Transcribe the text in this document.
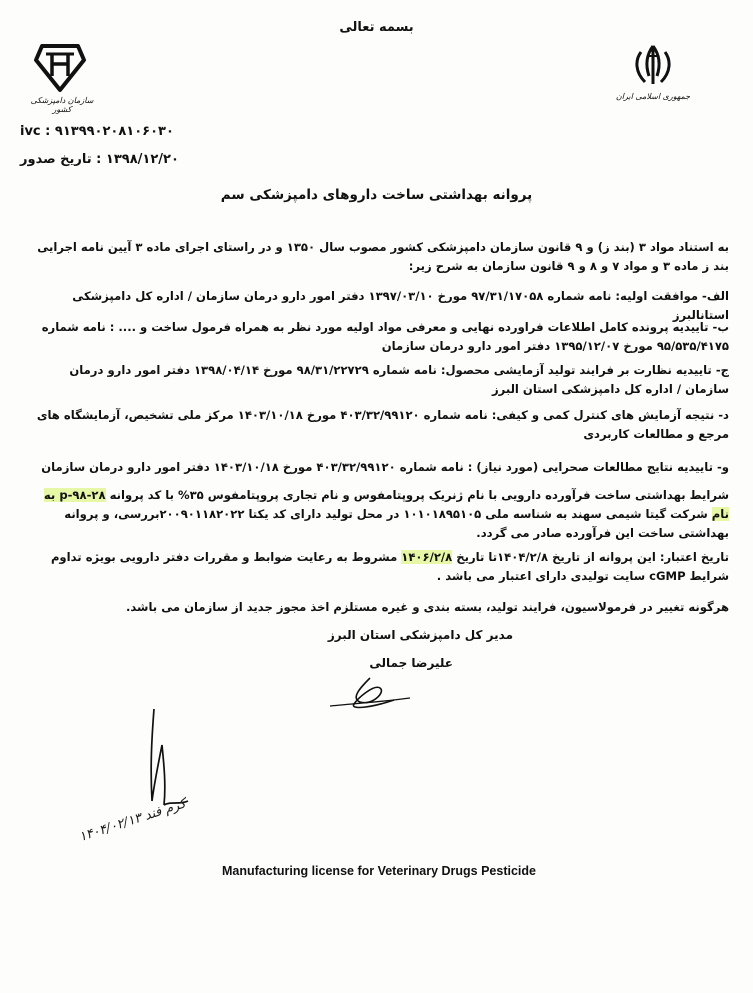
بسمه تعالی
جمهوری اسلامی ایران
سازمان دامپزشکی کشور
ivc : ۹۱۳۹۹۰۲۰۸۱۰۶۰۳۰
۱۳۹۸/۱۲/۲۰ : تاریخ صدور
پروانه بهداشتی ساخت داروهای دامپزشکی سم
به استناد مواد ۳ (بند ز) و ۹ قانون سازمان دامپزشکی کشور مصوب سال ۱۳۵۰ و در راستای اجرای ماده ۳ آیین نامه اجرایی بند ز ماده ۳ و مواد ۷ و ۸ و ۹ قانون سازمان به شرح زیر:
الف- موافقت اولیه: نامه شماره ۹۷/۳۱/۱۷۰۵۸ مورخ ۱۳۹۷/۰۳/۱۰ دفتر امور دارو درمان سازمان / اداره کل دامپزشکی استانالبرز
ب- تاییدیه پرونده کامل اطلاعات فراورده نهایی و معرفی مواد اولیه مورد نظر به همراه فرمول ساخت و .... : نامه شماره ۹۵/۵۳۵/۴۱۷۵ مورخ ۱۳۹۵/۱۲/۰۷ دفتر امور دارو درمان سازمان
ج- تاییدیه نظارت بر فرایند تولید آزمایشی محصول: نامه شماره ۹۸/۳۱/۲۲۷۲۹ مورخ ۱۳۹۸/۰۴/۱۴ دفتر امور دارو درمان سازمان / اداره کل دامپزشکی استان البرز
د- نتیجه آزمایش های کنترل کمی و کیفی: نامه شماره ۴۰۳/۳۲/۹۹۱۲۰ مورخ ۱۴۰۳/۱۰/۱۸ مرکز ملی تشخیص، آزمایشگاه های مرجع و مطالعات کاربردی
و- تاییدیه نتایج مطالعات صحرایی (مورد نیاز) : نامه شماره ۴۰۳/۳۲/۹۹۱۲۰ مورخ ۱۴۰۳/۱۰/۱۸ دفتر امور دارو درمان سازمان
شرایط بهداشتی ساخت فرآورده دارویی با نام ژنریک پروپتامفوس و نام تجاری پروپتامفوس ۳۵% با کد پروانه p-۹۸-۲۸ به نام شرکت گیتا شیمی سهند به شناسه ملی ۱۰۱۰۱۸۹۵۱۰۵ در محل تولید دارای کد یکتا ۲۰۰۹۰۱۱۸۲۰۲۲بررسی، و پروانه بهداشتی ساخت این فرآورده صادر می گردد.
تاریخ اعتبار: این پروانه از تاریخ ۱۴۰۴/۲/۸تا تاریخ ۱۴۰۶/۲/۸ مشروط به رعایت ضوابط و مقررات دفتر دارویی بویژه تداوم شرایط cGMP سایت تولیدی دارای اعتبار می باشد .
هرگونه تغییر در فرمولاسیون، فرایند تولید، بسته بندی و غیره مستلزم اخذ مجوز جدید از سازمان می باشد.
مدیر کل دامپزشکی استان البرز
علیرضا جمالی
کرم فند ۱۴۰۴/۰۲/۱۳
Manufacturing license for Veterinary Drugs Pesticide
